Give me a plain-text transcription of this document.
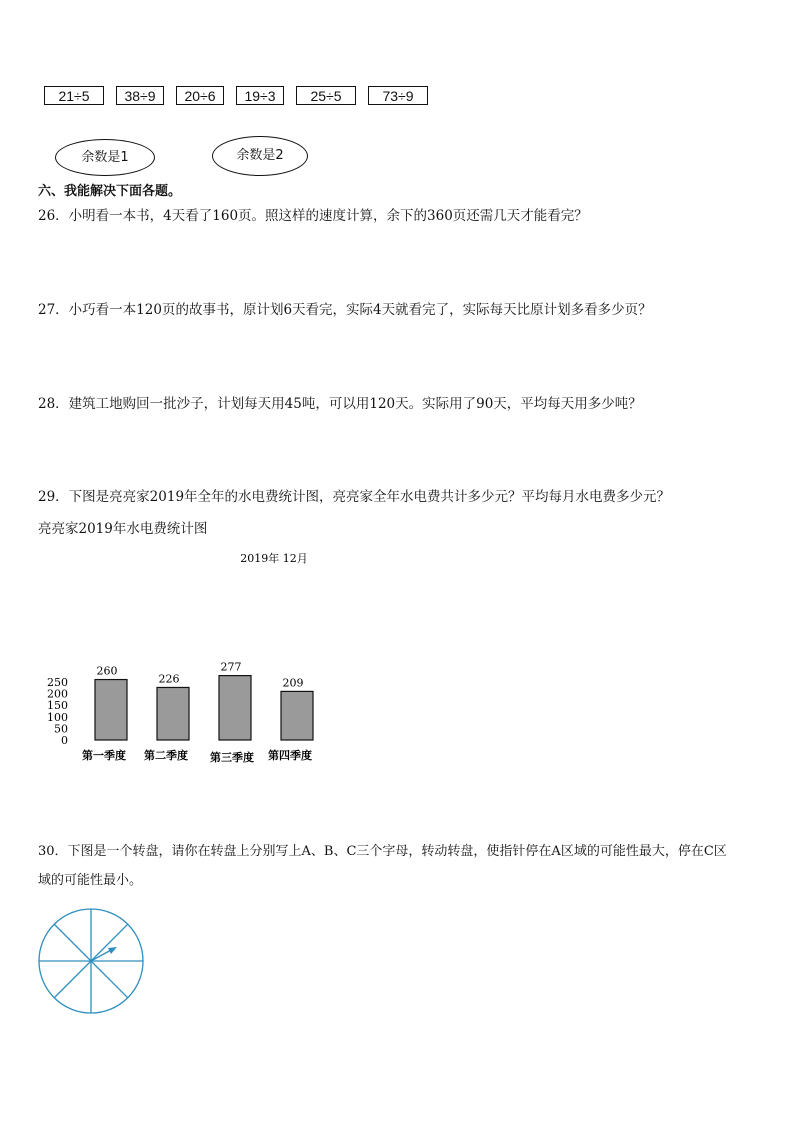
21÷5	38÷9	20÷6	19÷3	25÷5	73÷9
余数是1	余数是2
六、我能解决下面各题。
26．小明看一本书，4天看了160页。照这样的速度计算，余下的360页还需几天才能看完？
27．小巧看一本120页的故事书，原计划6天看完，实际4天就看完了，实际每天比原计划多看多少页？
28．建筑工地购回一批沙子，计划每天用45吨，可以用120天。实际用了90天，平均每天用多少吨？
29．下图是亮亮家2019年全年的水电费统计图，亮亮家全年水电费共计多少元？平均每月水电费多少元？
亮亮家2019年水电费统计图
2019年 12月
0
50
100
150
200
250
260
226
277
209
第一季度 第二季度 第三季度 第四季度
30．下图是一个转盘，请你在转盘上分别写上A、B、C三个字母，转动转盘，使指针停在A区域的可能性最大，停在C区
域的可能性最小。
